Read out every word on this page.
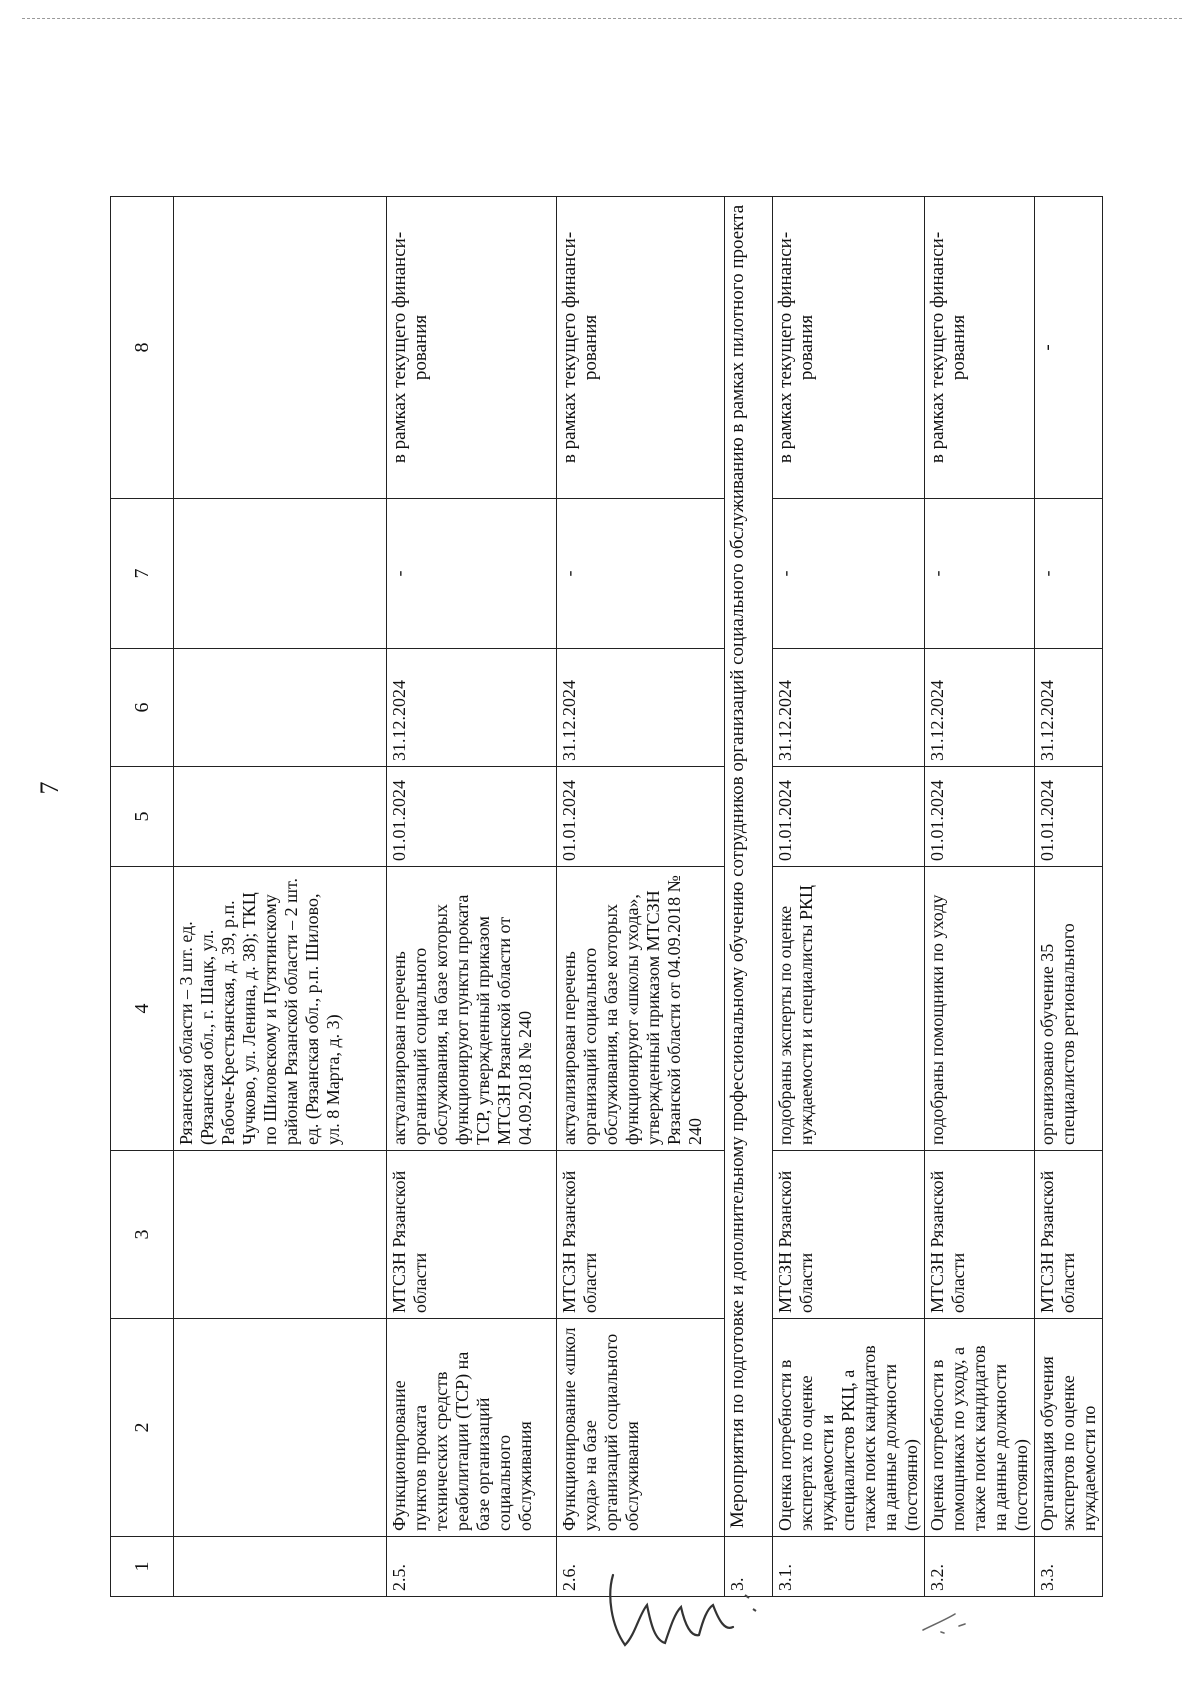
7
1	2	3	4	5	6	7	8
			Рязанской области – 3 шт. ед. (Рязанская обл., г. Шацк, ул. Рабоче-Крестьянская, д. 39, р.п. Чучково, ул. Ленина, д. 38); ТКЦ по Шиловскому и Путятинскому районам Рязанской области – 2 шт. ед. (Рязанская обл., р.п. Шилово, ул. 8 Марта, д. 3)				
2.5.	Функционирование пунктов проката технических средств реабилитации (ТСР) на базе организаций социального обслуживания	МТСЗН Рязанской области	актуализирован перечень организаций социального обслуживания, на базе которых функционируют пункты проката ТСР, утвержденный приказом МТСЗН Рязанской области от 04.09.2018 № 240	01.01.2024	31.12.2024	-	в рамках текущего финанси-рования
2.6.	Функционирование «школ ухода» на базе организаций социального обслуживания	МТСЗН Рязанской области	актуализирован перечень организаций социального обслуживания, на базе которых функционируют «школы ухода», утвержденный приказом МТСЗН Рязанской области от 04.09.2018 № 240	01.01.2024	31.12.2024	-	в рамках текущего финанси-рования
3.	Мероприятия по подготовке и дополнительному профессиональному обучению сотрудников организаций социального обслуживанию в рамках пилотного проекта						
3.1.	Оценка потребности в экспертах по оценке нуждаемости и специалистов РКЦ, а также поиск кандидатов на данные должности (постоянно)	МТСЗН Рязанской области	подобраны эксперты по оценке нуждаемости и специалисты РКЦ	01.01.2024	31.12.2024	-	в рамках текущего финанси-рования
3.2.	Оценка потребности в помощниках по уходу, а также поиск кандидатов на данные должности (постоянно)	МТСЗН Рязанской области	подобраны помощники по уходу	01.01.2024	31.12.2024	-	в рамках текущего финанси-рования
3.3.	Организация обучения экспертов по оценке нуждаемости по	МТСЗН Рязанской области	организовано обучение 35 специалистов регионального	01.01.2024	31.12.2024	-	-
